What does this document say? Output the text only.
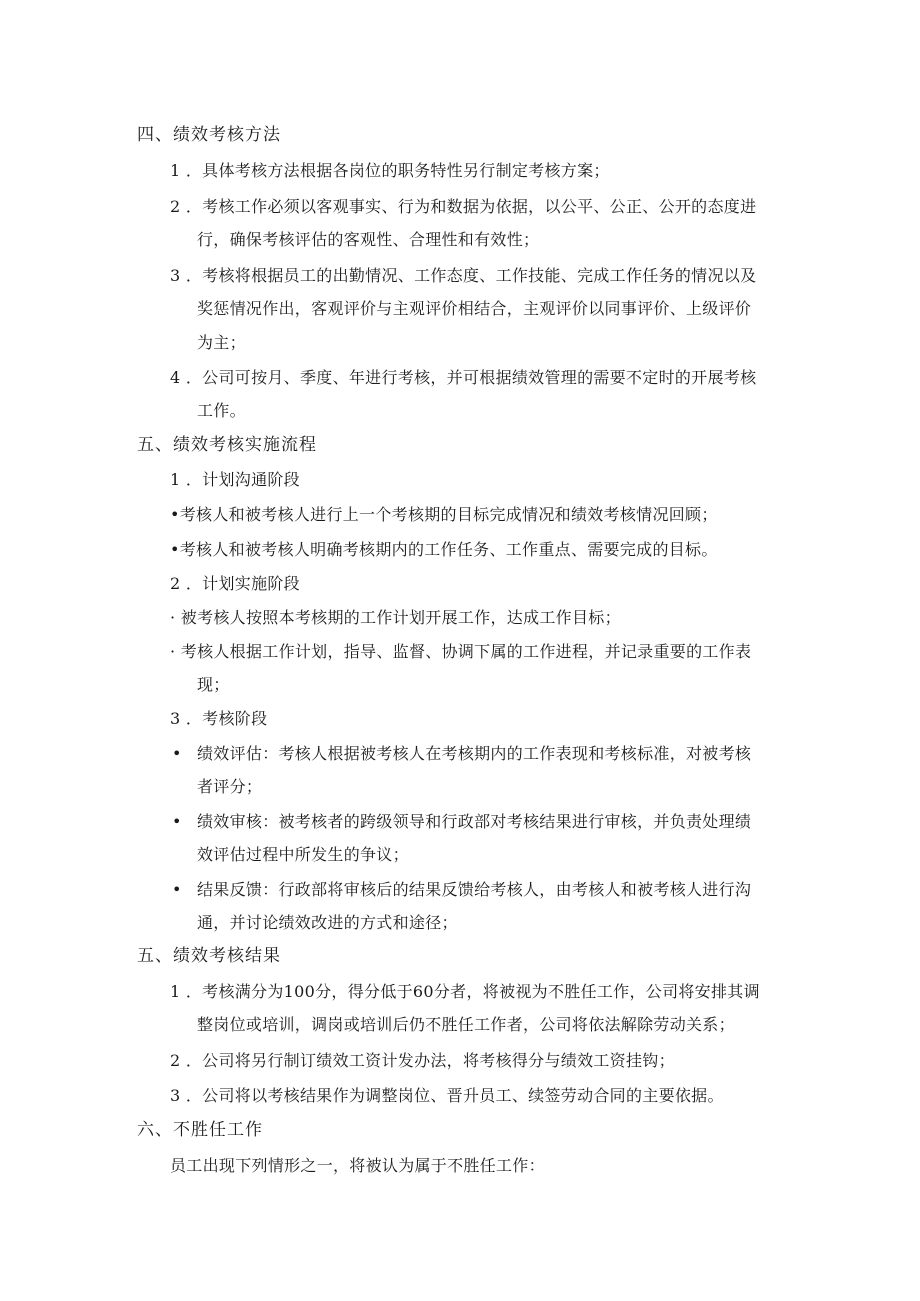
四、绩效考核方法
1 ．具体考核方法根据各岗位的职务特性另行制定考核方案；
2 ．考核工作必须以客观事实、行为和数据为依据，以公平、公正、公开的态度进
行，确保考核评估的客观性、合理性和有效性；
3 ．考核将根据员工的出勤情况、工作态度、工作技能、完成工作任务的情况以及
奖惩情况作出，客观评价与主观评价相结合，主观评价以同事评价、上级评价
为主；
4 ．公司可按月、季度、年进行考核，并可根据绩效管理的需要不定时的开展考核
工作。
五、绩效考核实施流程
1 ．计划沟通阶段
•考核人和被考核人进行上一个考核期的目标完成情况和绩效考核情况回顾；
•考核人和被考核人明确考核期内的工作任务、工作重点、需要完成的目标。
2 ．计划实施阶段
· 被考核人按照本考核期的工作计划开展工作，达成工作目标；
· 考核人根据工作计划，指导、监督、协调下属的工作进程，并记录重要的工作表
现；
3 ．考核阶段
• 绩效评估：考核人根据被考核人在考核期内的工作表现和考核标准，对被考核
者评分；
• 绩效审核：被考核者的跨级领导和行政部对考核结果进行审核，并负责处理绩
效评估过程中所发生的争议；
• 结果反馈：行政部将审核后的结果反馈给考核人，由考核人和被考核人进行沟
通，并讨论绩效改进的方式和途径；
五、绩效考核结果
1 ．考核满分为100分，得分低于60分者，将被视为不胜任工作，公司将安排其调
整岗位或培训，调岗或培训后仍不胜任工作者，公司将依法解除劳动关系；
2 ．公司将另行制订绩效工资计发办法，将考核得分与绩效工资挂钩；
3 ．公司将以考核结果作为调整岗位、晋升员工、续签劳动合同的主要依据。
六、不胜任工作
员工出现下列情形之一，将被认为属于不胜任工作：
